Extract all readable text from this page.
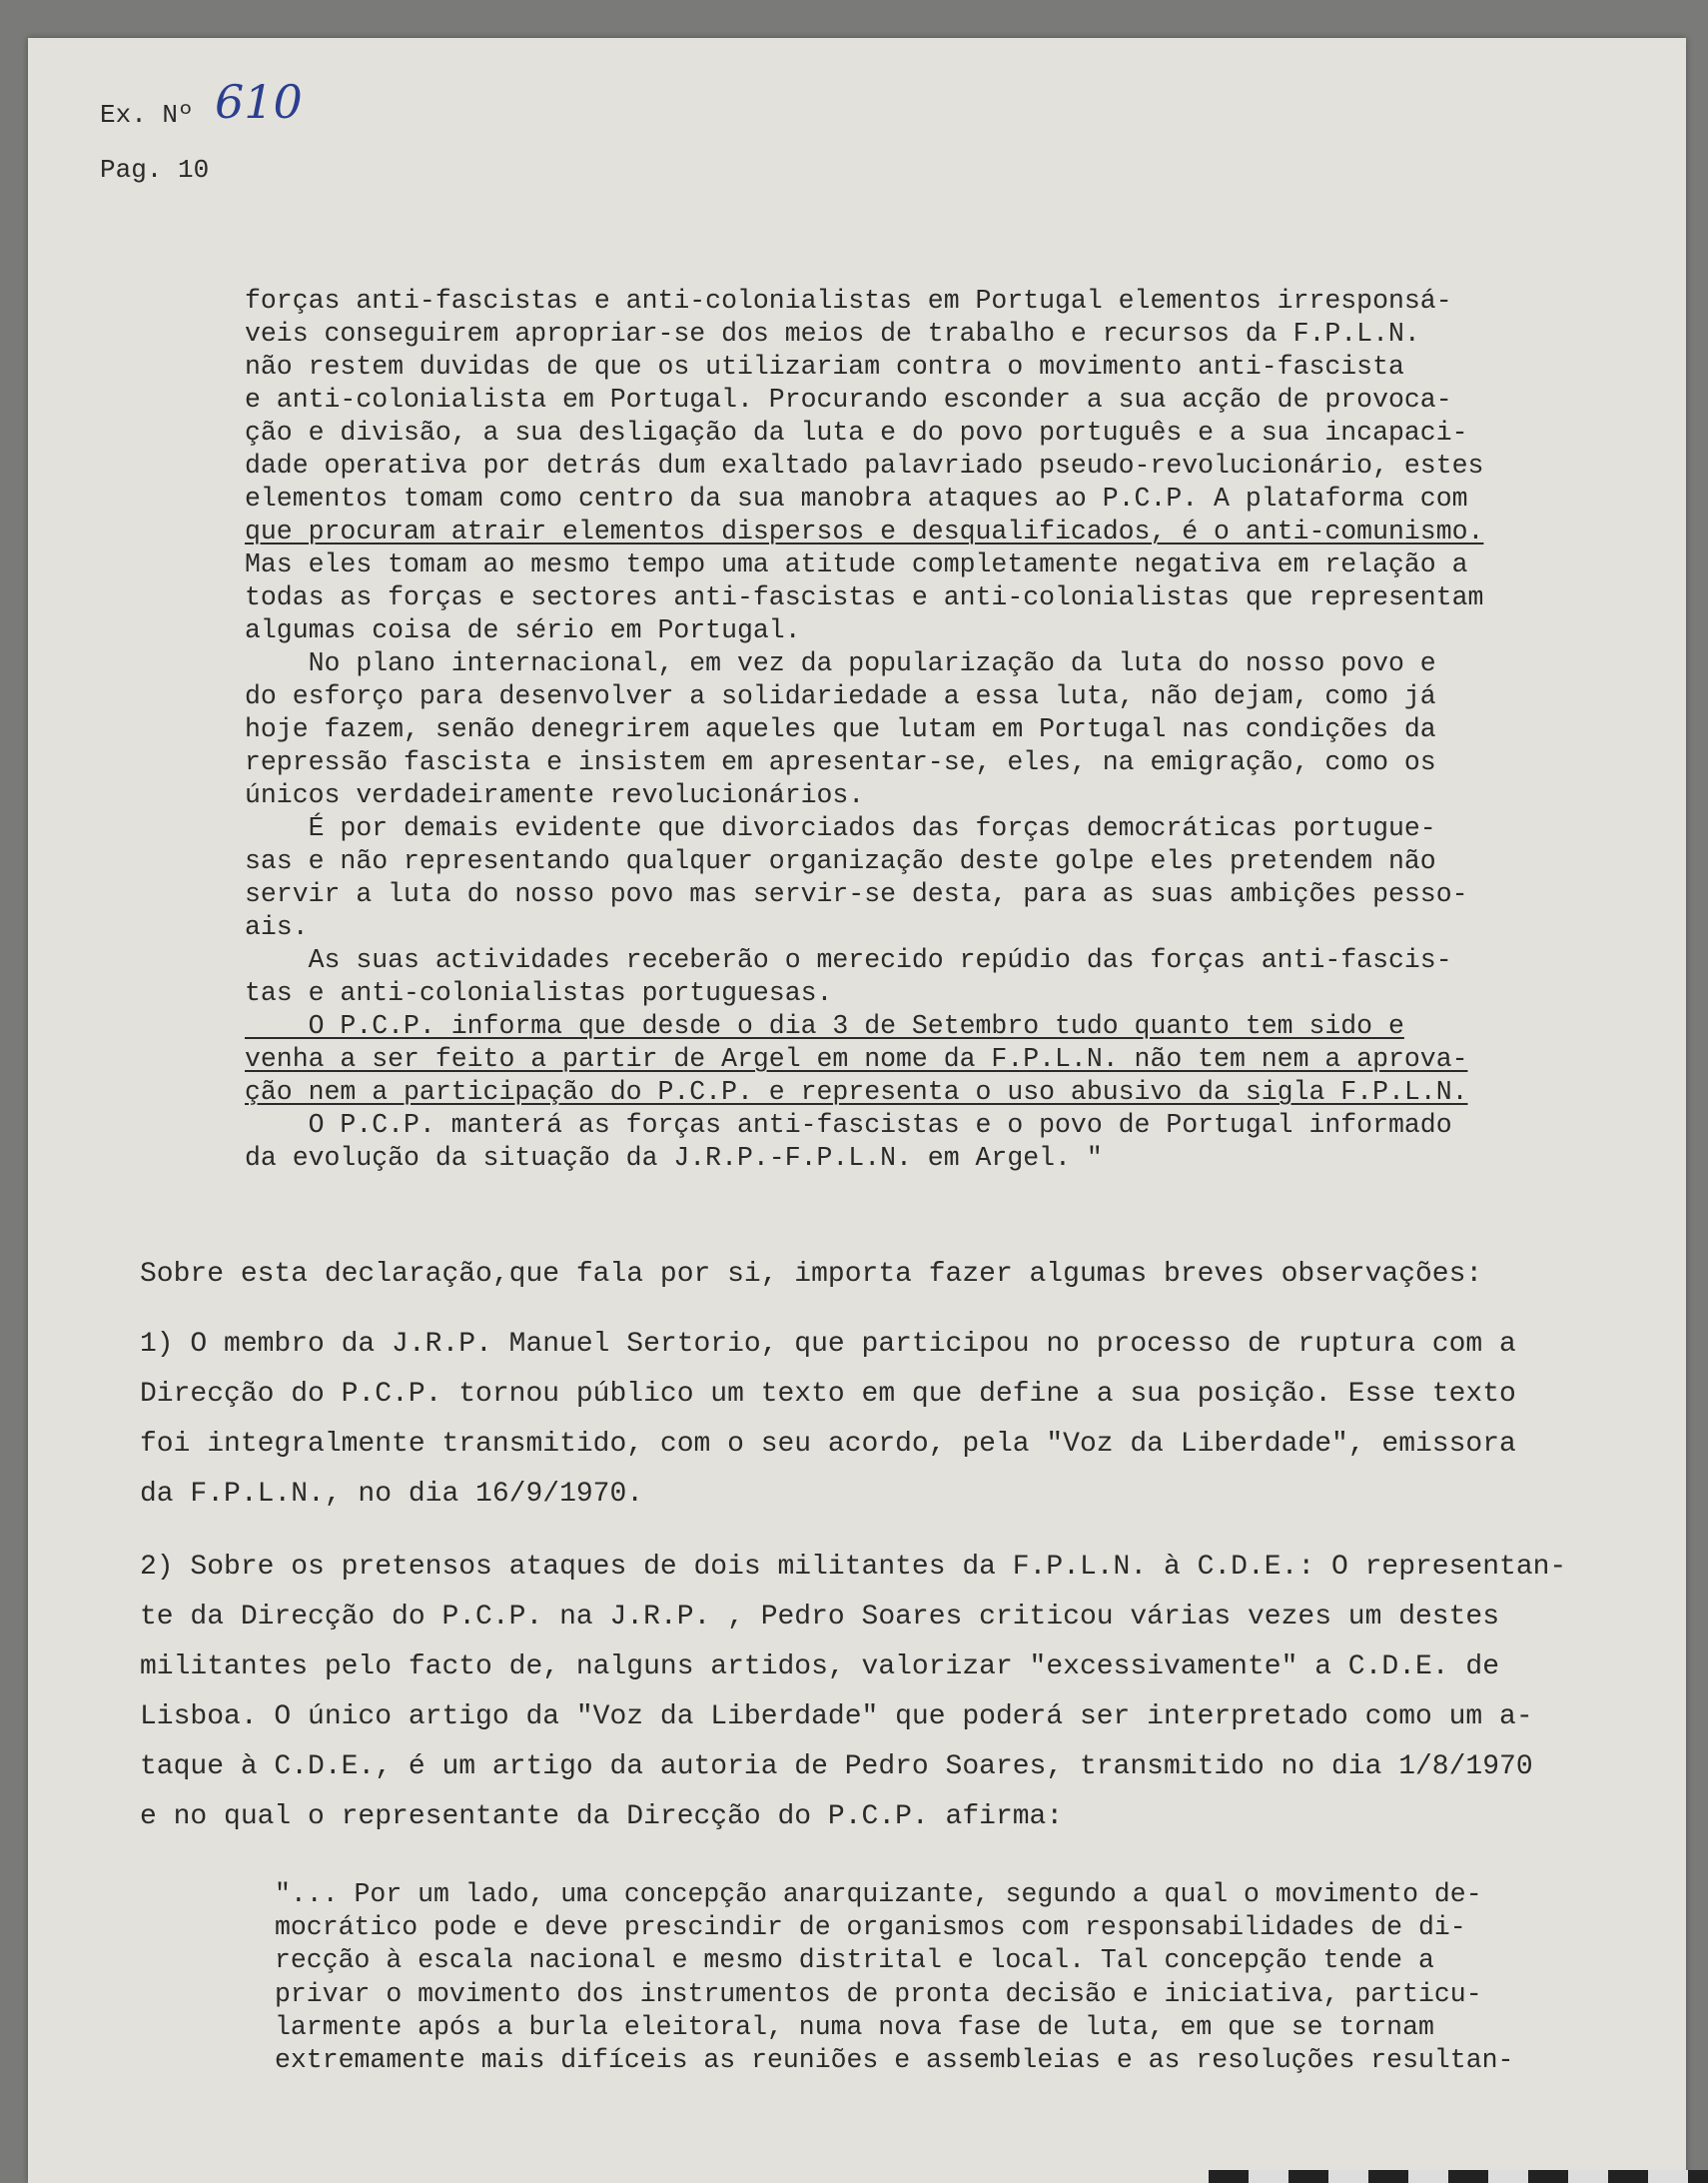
Ex. Nº 610
Pag. 10
forças anti-fascistas e anti-colonialistas em Portugal elementos irresponsá-
veis conseguirem apropriar-se dos meios de trabalho e recursos da F.P.L.N.
não restem duvidas de que os utilizariam contra o movimento anti-fascista
e anti-colonialista em Portugal. Procurando esconder a sua acção de provoca-
ção e divisão, a sua desligação da luta e do povo português e a sua incapaci-
dade operativa por detrás dum exaltado palavriado pseudo-revolucionário, estes
elementos tomam como centro da sua manobra ataques ao P.C.P. A plataforma com
que procuram atrair elementos dispersos e desqualificados, é o anti-comunismo.
Mas eles tomam ao mesmo tempo uma atitude completamente negativa em relação a
todas as forças e sectores anti-fascistas e anti-colonialistas que representam
algumas coisa de sério em Portugal.
No plano internacional, em vez da popularização da luta do nosso povo e
do esforço para desenvolver a solidariedade a essa luta, não dejam, como já
hoje fazem, senão denegrirem aqueles que lutam em Portugal nas condições da
repressão fascista e insistem em apresentar-se, eles, na emigração, como os
únicos verdadeiramente revolucionários.
É por demais evidente que divorciados das forças democráticas portugue-
sas e não representando qualquer organização deste golpe eles pretendem não
servir a luta do nosso povo mas servir-se desta, para as suas ambições pesso-
ais.
As suas actividades receberão o merecido repúdio das forças anti-fascis-
tas e anti-colonialistas portuguesas.
O P.C.P. informa que desde o dia 3 de Setembro tudo quanto tem sido e
venha a ser feito a partir de Argel em nome da F.P.L.N. não tem nem a aprova-
ção nem a participação do P.C.P. e representa o uso abusivo da sigla F.P.L.N.
O P.C.P. manterá as forças anti-fascistas e o povo de Portugal informado
da evolução da situação da J.R.P.-F.P.L.N. em Argel. "
Sobre esta declaração,que fala por si, importa fazer algumas breves observações:
1) O membro da J.R.P. Manuel Sertorio, que participou no processo de ruptura com a
Direcção do P.C.P. tornou público um texto em que define a sua posição. Esse texto
foi integralmente transmitido, com o seu acordo, pela "Voz da Liberdade", emissora
da F.P.L.N., no dia 16/9/1970.
2) Sobre os pretensos ataques de dois militantes da F.P.L.N. à C.D.E.: O representan-
te da Direcção do P.C.P. na J.R.P. , Pedro Soares criticou várias vezes um destes
militantes pelo facto de, nalguns artidos, valorizar "excessivamente" a C.D.E. de
Lisboa. O único artigo da "Voz da Liberdade" que poderá ser interpretado como um a-
taque à C.D.E., é um artigo da autoria de Pedro Soares, transmitido no dia 1/8/1970
e no qual o representante da Direcção do P.C.P. afirma:
"... Por um lado, uma concepção anarquizante, segundo a qual o movimento de-
mocrático pode e deve prescindir de organismos com responsabilidades de di-
recção à escala nacional e mesmo distrital e local. Tal concepção tende a
privar o movimento dos instrumentos de pronta decisão e iniciativa, particu-
larmente após a burla eleitoral, numa nova fase de luta, em que se tornam
extremamente mais difíceis as reuniões e assembleias e as resoluções resultan-
